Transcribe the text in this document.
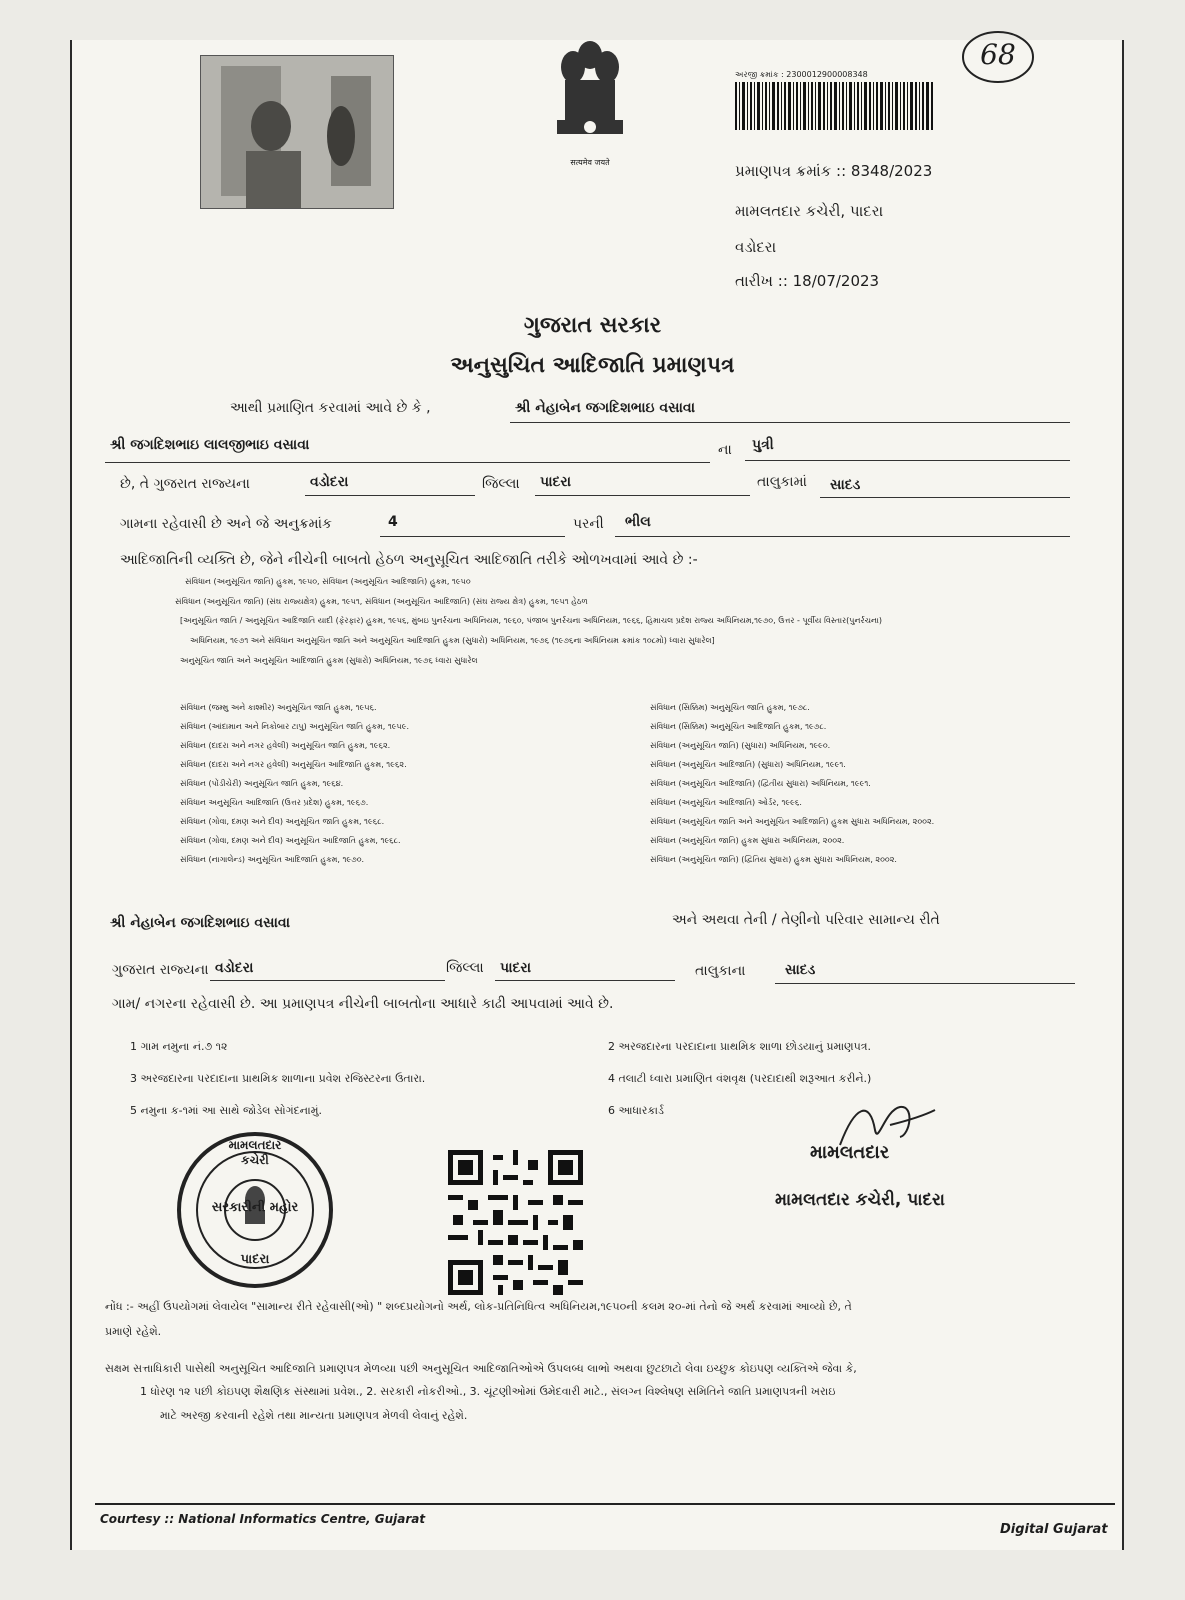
सत्यमेव जयते
અરજી ક્રમાંક : 2300012900008348
68
પ્રમાણપત્ર ક્રમાંક :: 8348/2023
મામલતદાર કચેરી, પાદરા
વડોદરા
તારીખ :: 18/07/2023
ગુજરાત સરકાર
અનુસુચિત આદિજાતિ પ્રમાણપત્ર
આથી પ્રમાણિત કરવામાં આવે છે કે ,	શ્રી નેહાબેન જગદિશભાઇ વસાવા
શ્રી જગદિશભાઇ લાલજીભાઇ વસાવા	ના પુત્રી
છે, તે ગુજરાત રાજ્યના	વડોદરા	જિલ્લા પાદરા	તાલુકામાં સાદડ
ગામના રહેવાસી છે અને જે અનુક્રમાંક	4	પરની ભીલ
આદિજાતિની વ્યક્તિ છે, જેને નીચેની બાબતો હેઠળ અનુસૂચિત આદિજાતિ તરીકે ઓળખવામાં આવે છે :-
સંવિધાન (અનુસૂચિત જાતિ) હુકમ, ૧૯૫૦, સંવિધાન (અનુસૂચિત આદિજાતિ) હુકમ, ૧૯૫૦
સંવિધાન (અનુસૂચિત જાતિ) (સંઘ રાજ્યક્ષેત્ર) હુકમ, ૧૯૫૧, સંવિધાન (અનુસૂચિત આદિજાતિ) (સંઘ રાજ્ય ક્ષેત્ર) હુકમ, ૧૯૫૧ હેઠળ
[અનુસૂચિત જાતિ / અનુસૂચિત આદિજાતિ યાદી (ફેરફાર) હુકમ, ૧૯૫૬, મુંબઇ પુનર્રચના અધિનિયમ, ૧૯૬૦, પંજાબ પુનર્રચના અધિનિયમ, ૧૯૬૬, હિમાચલ પ્રદેશ રાજ્ય અધિનિયમ,૧૯૭૦, ઉત્તર - પૂર્વીય વિસ્તાર(પુનર્રચના)
અધિનિયમ, ૧૯૭૧ અને સંવિધાન અનુસૂચિત જાતિ અને અનુસૂચિત આદિજાતિ હુકમ (સુધારો) અધિનિયમ, ૧૯૭૬ (૧૯૭૬ના અધિનિયમ ક્રમાંક ૧૦૮મો) ધ્વારા સુધારેલ]
અનુસૂચિત જાતિ અને અનુસૂચિત આદિજાતિ હુકમ (સુધારો) અધિનિયમ, ૧૯૭૬ ધ્વારા સુધારેલ
સંવિધાન (જમ્મુ અને કાશ્મીર) અનુસૂચિત જાતિ હુકમ, ૧૯૫૬.
સંવિધાન (આંદામાન અને નિકોબાર ટાપુ) અનુસૂચિત જાતિ હુકમ, ૧૯૫૯.
સંવિધાન (દાદરા અને નગર હવેલી) અનુસૂચિત જાતિ હુકમ, ૧૯૬૨.
સંવિધાન (દાદરા અને નગર હવેલી) અનુસૂચિત આદિજાતિ હુકમ, ૧૯૬૨.
સંવિધાન (પોંડીચેરી) અનુસૂચિત જાતિ હુકમ, ૧૯૬૪.
સંવિધાન અનુસૂચિત આદિજાતિ (ઉત્તર પ્રદેશ) હુકમ, ૧૯૬૭.
સંવિધાન (ગોવા, દમણ અને દીવ) અનુસૂચિત જાતિ હુકમ, ૧૯૬૮.
સંવિધાન (ગોવા, દમણ અને દીવ) અનુસૂચિત આદિજાતિ હુકમ, ૧૯૬૮.
સંવિધાન (નાગાલેન્ડ) અનુસૂચિત આદિજાતિ હુકમ, ૧૯૭૦.
સંવિધાન (સિક્કિમ) અનુસૂચિત જાતિ હુકમ, ૧૯૭૮.
સંવિધાન (સિક્કિમ) અનુસૂચિત આદિજાતિ હુકમ, ૧૯૭૮.
સંવિધાન (અનુસૂચિત જાતિ) (સુધારા) અધિનિયમ, ૧૯૯૦.
સંવિધાન (અનુસૂચિત આદિજાતિ) (સુધારા) અધિનિયમ, ૧૯૯૧.
સંવિધાન (અનુસૂચિત આદિજાતિ) (દ્વિતીય સુધારા) અધિનિયમ, ૧૯૯૧.
સંવિધાન (અનુસૂચિત આદિજાતિ) ઓર્ડર, ૧૯૯૬.
સંવિધાન (અનુસૂચિત જાતિ અને અનુસૂચિત આદિજાતિ) હુકમ સુધારા અધિનિયમ, ૨૦૦૨.
સંવિધાન (અનુસૂચિત જાતિ) હુકમ સુધારા અધિનિયમ, ૨૦૦૨.
સંવિધાન (અનુસૂચિત જાતિ) (દ્વિતિય સુધારા) હુકમ સુધારા અધિનિયમ, ૨૦૦૨.
શ્રી નેહાબેન જગદિશભાઇ વસાવા	અને અથવા તેની / તેણીનો પરિવાર સામાન્ય રીતે
ગુજરાત રાજ્યના વડોદરા	જિલ્લા પાદરા	તાલુકાના	સાદડ
ગામ/ નગરના રહેવાસી છે. આ પ્રમાણપત્ર નીચેની બાબતોના આધારે કાઢી આપવામાં આવે છે.
1 ગામ નમુના નં.૭ ૧૨	2 અરજદારના પરદાદાના પ્રાથમિક શાળા છોડયાનું પ્રમાણપત્ર.
3 અરજદારના પરદાદાના પ્રાથમિક શાળાના પ્રવેશ રજિસ્ટરના ઉતારા.	4 તલાટી ધ્વારા પ્રમાણિત વંશવૃક્ષ (પરદાદાથી શરૂઆત કરીને.)
5 નમુના ક-૧માં આ સાથે જોડેલ સોગંદનામું.	6 આધારકાર્ડ
મામલતદાર કચેરી
સરકારીની મહોર
પાદરા
મામલતદાર
મામલતદાર કચેરી, પાદરા
નોંધ :- અહીં ઉપયોગમાં લેવાયેલ "સામાન્ય રીતે રહેવાસી(ઓ) " શબ્દપ્રયોગનો અર્થ, લોક-પ્રતિનિધિત્વ અધિનિયમ,૧૯૫૦ની કલમ ૨૦-માં તેનો જે અર્થ કરવામાં આવ્યો છે, તે
પ્રમાણે રહેશે.
સક્ષમ સત્તાધિકારી પાસેથી અનુસૂચિત આદિજાતિ પ્રમાણપત્ર મેળવ્યા પછી અનુસૂચિત આદિજાતિઓએ ઉપલબ્ધ લાભો અથવા છુટછાટો લેવા ઇચ્છુક કોઇપણ વ્યક્તિએ જેવા કે,
1 ધોરણ ૧૨ પછી કોઇપણ શૈક્ષણિક સંસ્થામાં પ્રવેશ., 2. સરકારી નોકરીઓ., 3. ચૂંટણીઓમાં ઉમેદવારી માટે., સંલગ્ન વિશ્લેષણ સમિતિને જાતિ પ્રમાણપત્રની ખરાઇ
માટે અરજી કરવાની રહેશે તથા માન્યતા પ્રમાણપત્ર મેળવી લેવાનું રહેશે.
Courtesy :: National Informatics Centre, Gujarat
Digital Gujarat
